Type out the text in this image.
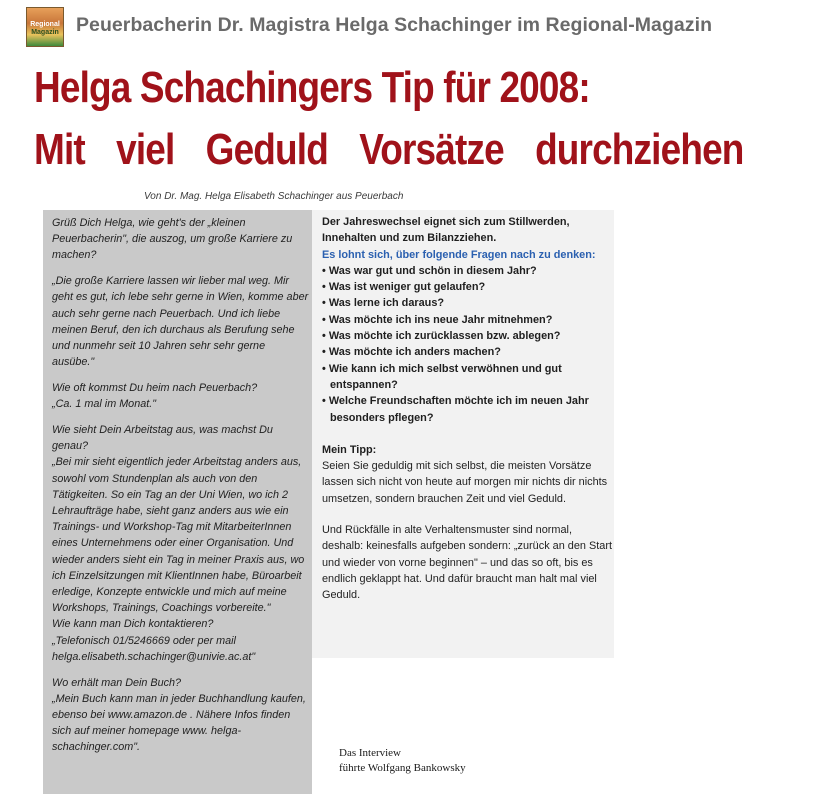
Regional
Magazin Peuerbacherin Dr. Magistra Helga Schachinger im Regional-Magazin
Helga Schachingers Tip für 2008:
Mit viel Geduld Vorsätze durchziehen
Von Dr. Mag. Helga Elisabeth Schachinger aus Peuerbach

Grüß Dich Helga, wie geht's der „kleinen Peuerbacherin", die auszog, um große Karriere zu machen?

„Die große Karriere lassen wir lieber mal weg. Mir geht es gut, ich lebe sehr gerne in Wien, komme aber auch sehr gerne nach Peuerbach. Und ich liebe meinen Beruf, den ich durchaus als Berufung sehe und nunmehr seit 10 Jahren sehr sehr gerne ausübe."

Wie oft kommst Du heim nach Peuerbach?

„Ca. 1 mal im Monat."

Wie sieht Dein Arbeitstag aus, was machst Du genau?

„Bei mir sieht eigentlich jeder Arbeitstag anders aus, sowohl vom Stundenplan als auch von den Tätigkeiten. So ein Tag an der Uni Wien, wo ich 2 Lehraufträge habe, sieht ganz anders aus wie ein Trainings- und Workshop-Tag mit MitarbeiterInnen eines Unternehmens oder einer Organisation. Und wieder anders sieht ein Tag in meiner Praxis aus, wo ich Einzelsitzungen mit KlientInnen habe, Büroarbeit erledige, Konzepte entwickle und mich auf meine Workshops, Trainings, Coachings vorbereite."

Wie kann man Dich kontaktieren?

„Telefonisch 01/5246669 oder per mail helga.elisabeth.schachinger@univie.ac.at"

Wo erhält man Dein Buch?

„Mein Buch kann man in jeder Buchhandlung kaufen, ebenso bei www.amazon.de . Nähere Infos finden sich auf meiner homepage www. helga-schachinger.com".

Der Jahreswechsel eignet sich zum Stillwerden, Innehalten und zum Bilanzziehen.
Es lohnt sich, über folgende Fragen nach zu denken:
• Was war gut und schön in diesem Jahr?
• Was ist weniger gut gelaufen?
• Was lerne ich daraus?
• Was möchte ich ins neue Jahr mitnehmen?
• Was möchte ich zurücklassen bzw. ablegen?
• Was möchte ich anders machen?
• Wie kann ich mich selbst verwöhnen und gut entspannen?
• Welche Freundschaften möchte ich im neuen Jahr besonders pflegen?
Mein Tipp:

Seien Sie geduldig mit sich selbst, die meisten Vorsätze lassen sich nicht von heute auf morgen mir nichts dir nichts umsetzen, sondern brauchen Zeit und viel Geduld.

Und Rückfälle in alte Verhaltensmuster sind normal, deshalb: keinesfalls aufgeben sondern: „zurück an den Start und wieder von vorne beginnen" – und das so oft, bis es endlich geklappt hat. Und dafür braucht man halt mal viel Geduld.

Das Interview
führte Wolfgang Bankowsky
